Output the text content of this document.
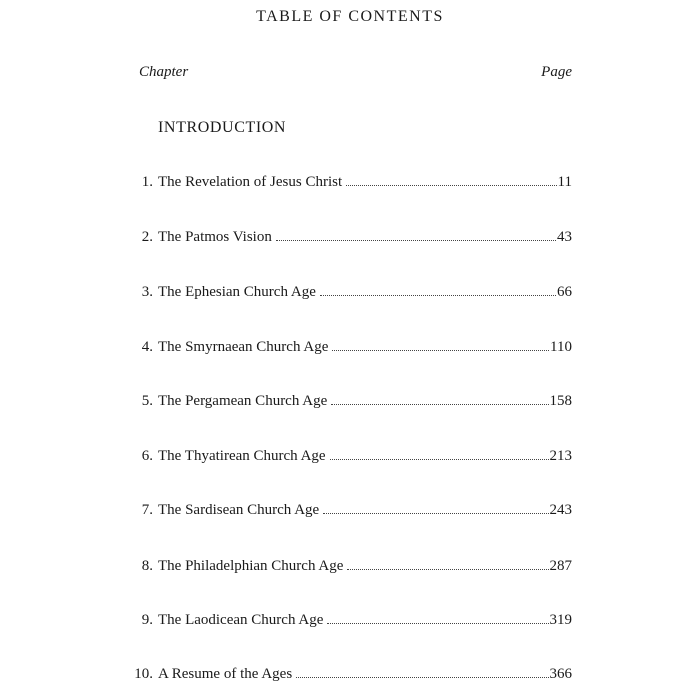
TABLE OF CONTENTS
Chapter	Page
INTRODUCTION
1. The Revelation of Jesus Christ	11
2. The Patmos Vision	43
3. The Ephesian Church Age	66
4. The Smyrnaean Church Age	110
5. The Pergamean Church Age	158
6. The Thyatirean Church Age	213
7. The Sardisean Church Age	243
8. The Philadelphian Church Age	287
9. The Laodicean Church Age	319
10. A Resume of the Ages	366
